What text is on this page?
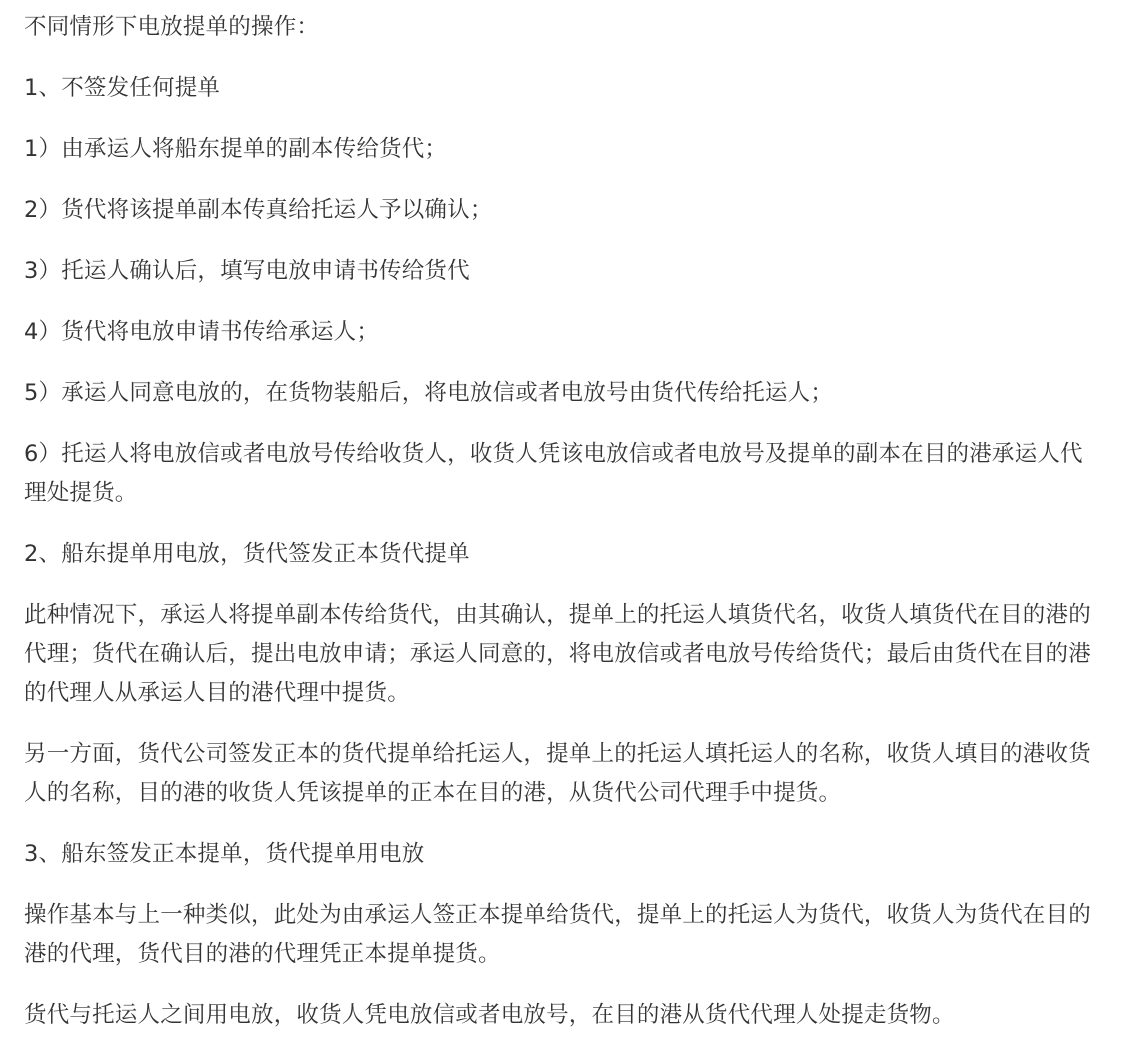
不同情形下电放提单的操作：

1、不签发任何提单

1）由承运人将船东提单的副本传给货代；

2）货代将该提单副本传真给托运人予以确认；

3）托运人确认后，填写电放申请书传给货代

4）货代将电放申请书传给承运人；

5）承运人同意电放的，在货物装船后，将电放信或者电放号由货代传给托运人；

6）托运人将电放信或者电放号传给收货人，收货人凭该电放信或者电放号及提单的副本在目的港承运人代理处提货。

2、船东提单用电放，货代签发正本货代提单

此种情况下，承运人将提单副本传给货代，由其确认，提单上的托运人填货代名，收货人填货代在目的港的代理；货代在确认后，提出电放申请；承运人同意的，将电放信或者电放号传给货代；最后由货代在目的港的代理人从承运人目的港代理中提货。

另一方面，货代公司签发正本的货代提单给托运人，提单上的托运人填托运人的名称，收货人填目的港收货人的名称，目的港的收货人凭该提单的正本在目的港，从货代公司代理手中提货。

3、船东签发正本提单，货代提单用电放

操作基本与上一种类似，此处为由承运人签正本提单给货代，提单上的托运人为货代，收货人为货代在目的港的代理，货代目的港的代理凭正本提单提货。

货代与托运人之间用电放，收货人凭电放信或者电放号，在目的港从货代代理人处提走货物。
